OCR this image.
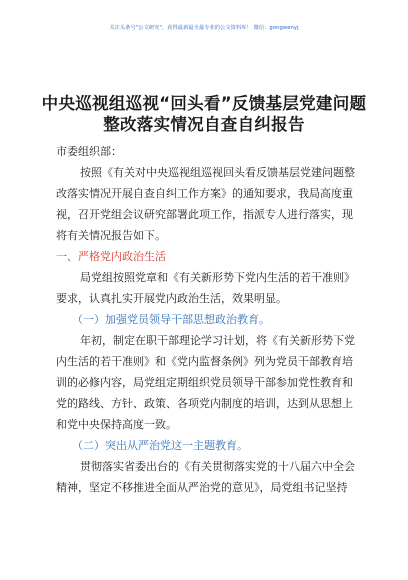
关注头条号"公文研究"，获得最新最全最专业的公文资料库！ 微信：gongwenyj
中央巡视组巡视“回头看”反馈基层党建问题
整改落实情况自查自纠报告
市委组织部：
按照《有关对中央巡视组巡视回头看反馈基层党建问题整
改落实情况开展自查自纠工作方案》的通知要求，我局高度重
视，召开党组会议研究部署此项工作，指派专人进行落实，现
将有关情况报告如下。
一、严格党内政治生活
局党组按照党章和《有关新形势下党内生活的若干准则》
要求，认真扎实开展党内政治生活，效果明显。
（一）加强党员领导干部思想政治教育。
年初，制定在职干部理论学习计划，将《有关新形势下党
内生活的若干准则》和《党内监督条例》列为党员干部教育培
训的必修内容，局党组定期组织党员领导干部参加党性教育和
党的路线、方针、政策、各项党内制度的培训，达到从思想上
和党中央保持高度一致。
（二）突出从严治党这一主题教育。
贯彻落实省委出台的《有关贯彻落实党的十八届六中全会
精神，坚定不移推进全面从严治党的意见》，局党组书记坚持
